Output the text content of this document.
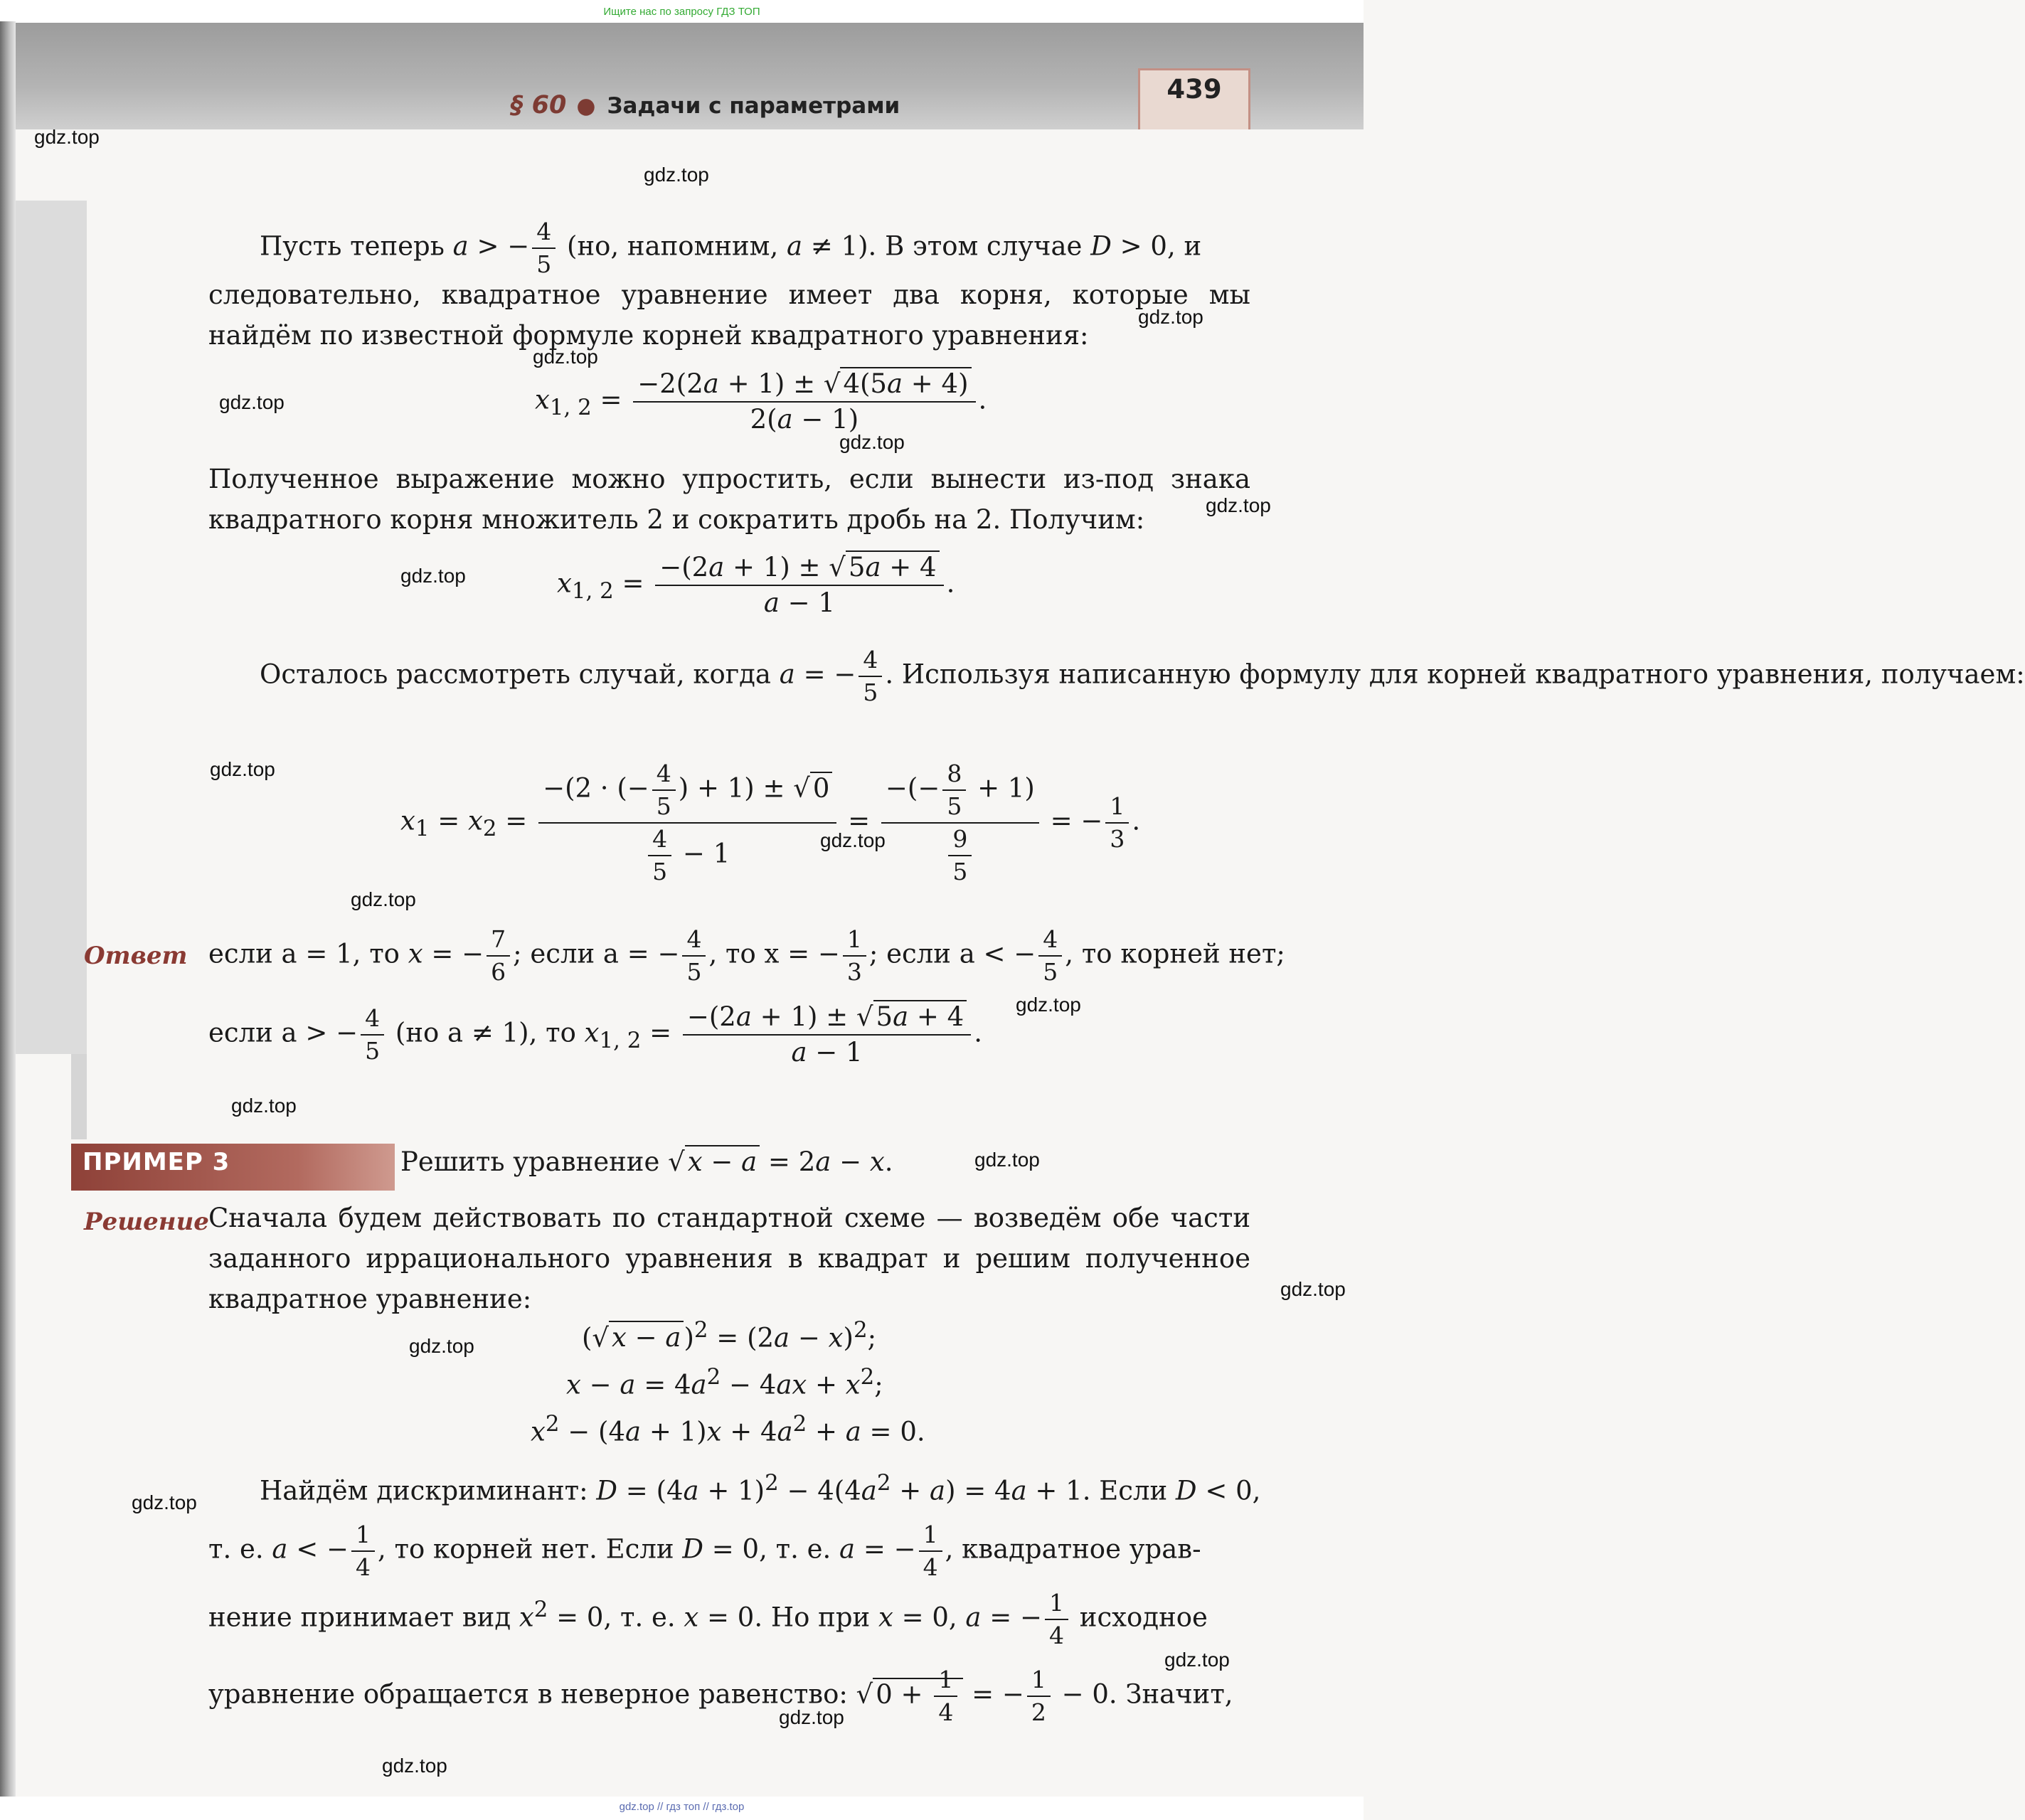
Ищите нас по запросу ГДЗ ТОП
§ 60 ● Задачи с параметрами
439
gdz.top
gdz.top
gdz.top
gdz.top
gdz.top
gdz.top
gdz.top
gdz.top
gdz.top
gdz.top
gdz.top
gdz.top
gdz.top
gdz.top
gdz.top
gdz.top
gdz.top
gdz.top
gdz.top
gdz.top
Пусть теперь a > − $\frac{4}{5} (но$, напомним, a ≠ 1). В этом случае D > 0, и
следовательно, квадратное уравнение имеет два корня, которые мы найдём по известной формуле корней квадратного уравнения:
$x_{1, 2} = \frac{-2(2a + 1) \pm √ 4(5a + 4)}{2(a - 1)}$ .
Полученное выражение можно упростить, если вынести из-под знака квадратного корня множитель 2 и сократить дробь на 2. Получим:
$x_{1, 2} = \frac{-(2a + 1) \pm √ 5a + 4}{a - 1}$ .
Осталось рассмотреть случай, когда a = − $\frac{4}{5}$ . Используя написанную формулу для корней квадратного уравнения, получаем:
$x_1 = x_2 = \frac{-(2 \cdot (- \frac{4}{5} ) + 1) \pm √ 0}{\frac{4}{5} - 1} = \frac{-(- \frac{8}{5} + 1)}{\frac{9}{5}}$ = − $\frac{1}{3}$ .
Ответ если a = 1, то x = − $\frac{7}{6}$ ; если a = − $\frac{4}{5}$ , то x = − $\frac{1}{3}$ ; если a < − $\frac{4}{5}$ , то корней нет;
если a > − $\frac{4}{5} (но$ a ≠ 1), то $x_{1, 2} = \frac{-(2a + 1) \pm √ 5a + 4}{a - 1}$ .
ПРИМЕР 3	Решить уравнение √ x − a = 2a − x.
Решение Сначала будем действовать по стандартной схеме — возведём обе части заданного иррационального уравнения в квадрат и решим полученное квадратное уравнение:
(√ x − a )$^2 = (2a - x)^2$;
$x - a = 4a^2 - 4ax + x^2$;
$x^2 - (4a + 1)x + 4a^2 + a = 0$.
Найдём дискриминант: $D = (4a + 1)^2 - 4(4a^2 + a) = 4a + 1$. Если D < 0,
т. е. a < − $\frac{1}{4}$ , то корней нет. Если D = 0, т. е. a = − $\frac{1}{4}$ , квадратное урав-
нение принимает вид $x^2 = 0$, т. е. x = 0. Но при x = 0, a = − $\frac{1}{4}$ исходное
уравнение обращается в неверное равенство: √ $0 + \frac{1}{4}$ = − $\frac{1}{2} - 0$. Значит,
gdz.top // гдз топ // гдз.top
